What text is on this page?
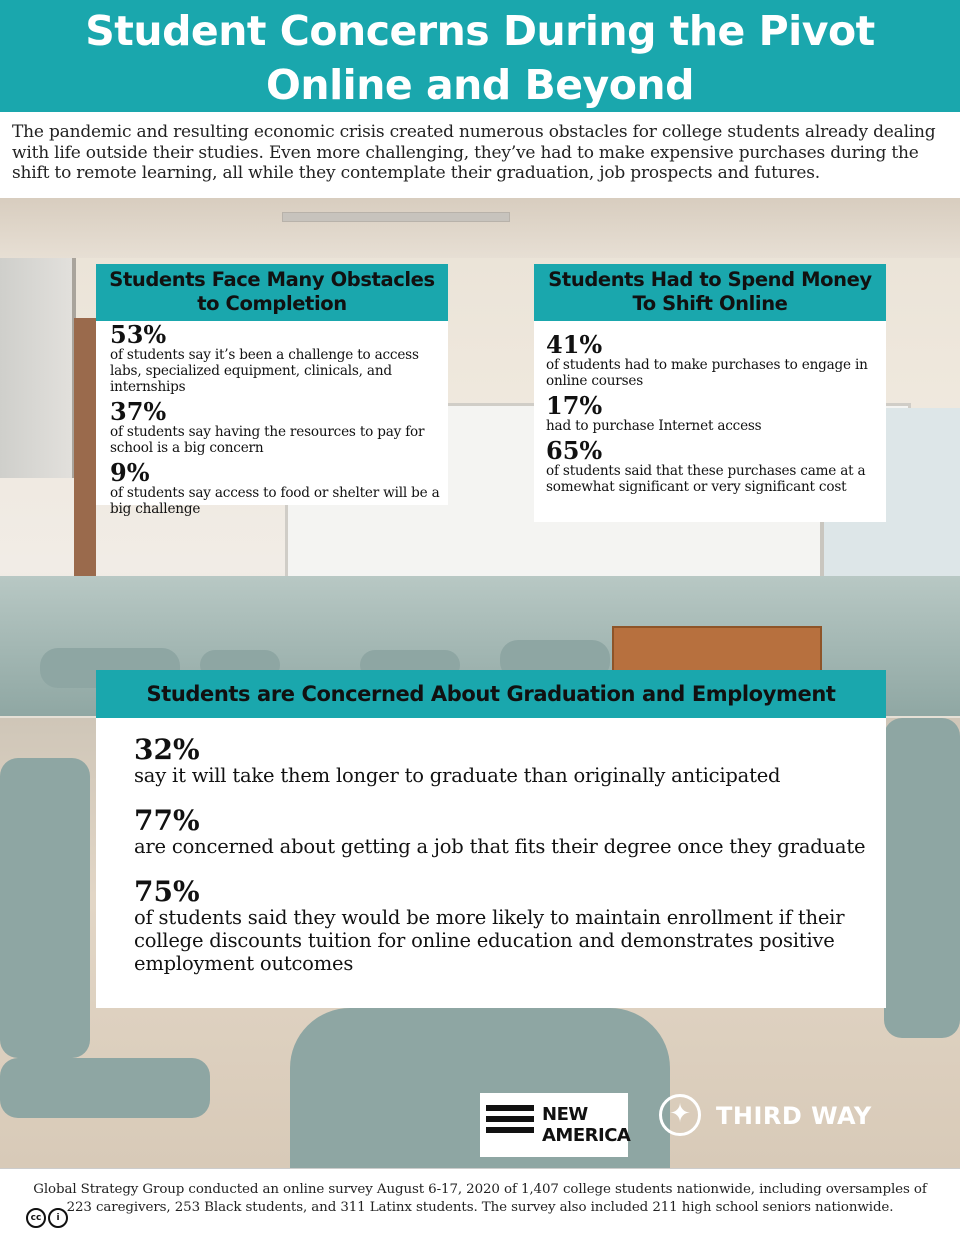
Student Concerns During the Pivot
Online and Beyond
The pandemic and resulting economic crisis created numerous obstacles for college students already dealing with life outside their studies. Even more challenging, they’ve had to make expensive purchases during the shift to remote learning, all while they contemplate their graduation, job prospects and futures.
Students Face Many Obstacles to Completion
53%
of students say it’s been a challenge to access labs, specialized equipment, clinicals, and internships
37%
of students say having the resources to pay for school is a big concern
9%
of students say access to food or shelter will be a big challenge
Students Had to Spend Money To Shift Online
41%
of students had to make purchases to engage in online courses
17%
had to purchase Internet access
65%
of students said that these purchases came at a somewhat significant or very significant cost
Students are Concerned About Graduation and Employment
32%
say it will take them longer to graduate than originally anticipated
77%
are concerned about getting a job that fits their degree once they graduate
75%
of students said they would be more likely to maintain enrollment if their college discounts tuition for online education and demonstrates positive employment outcomes
NEW
AMERICA
✦ THIRD WAY
Global Strategy Group conducted an online survey August 6-17, 2020 of 1,407 college students nationwide, including oversamples of 223 caregivers, 253 Black students, and 311 Latinx students. The survey also included 211 high school seniors nationwide.
cc i
